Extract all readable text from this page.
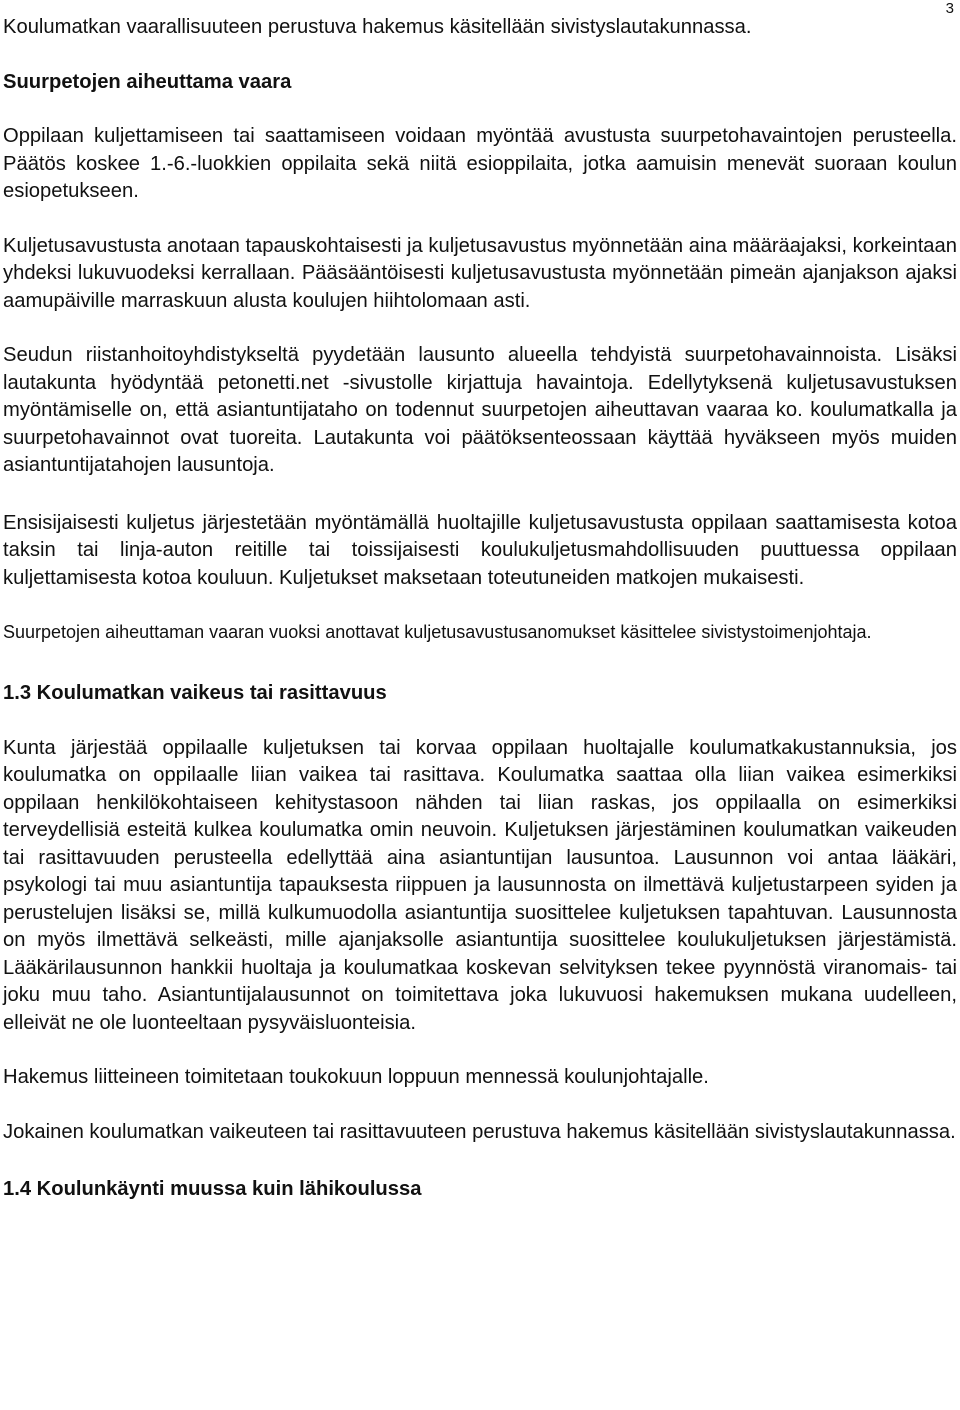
3

Koulumatkan vaarallisuuteen perustuva hakemus käsitellään sivistyslautakunnassa.

Suurpetojen aiheuttama vaara

Oppilaan kuljettamiseen tai saattamiseen voidaan myöntää avustusta suurpetohavaintojen perusteella. Päätös koskee 1.-6.-luokkien oppilaita sekä niitä esioppilaita, jotka aamuisin menevät suoraan koulun esiopetukseen.

Kuljetusavustusta anotaan tapauskohtaisesti ja kuljetusavustus myönnetään aina määräajaksi, korkeintaan yhdeksi lukuvuodeksi kerrallaan. Pääsääntöisesti kuljetusavustusta myönnetään pimeän ajanjakson ajaksi aamupäiville marraskuun alusta koulujen hiihtolomaan asti.

Seudun riistanhoitoyhdistykseltä pyydetään lausunto alueella tehdyistä suurpetohavainnoista. Lisäksi lautakunta hyödyntää petonetti.net -sivustolle kirjattuja havaintoja. Edellytyksenä kuljetusavustuksen myöntämiselle on, että asiantuntijataho on todennut suurpetojen aiheuttavan vaaraa ko. koulumatkalla ja suurpetohavainnot ovat tuoreita. Lautakunta voi päätöksenteossaan käyttää hyväkseen myös muiden asiantuntijatahojen lausuntoja.

Ensisijaisesti kuljetus järjestetään myöntämällä huoltajille kuljetusavustusta oppilaan saattamisesta kotoa taksin tai linja-auton reitille tai toissijaisesti koulukuljetusmahdollisuuden puuttuessa oppilaan kuljettamisesta kotoa kouluun. Kuljetukset maksetaan toteutuneiden matkojen mukaisesti.

Suurpetojen aiheuttaman vaaran vuoksi anottavat kuljetusavustusanomukset käsittelee sivistystoimenjohtaja.

1.3 Koulumatkan vaikeus tai rasittavuus

Kunta järjestää oppilaalle kuljetuksen tai korvaa oppilaan huoltajalle koulumatkakustannuksia, jos koulumatka on oppilaalle liian vaikea tai rasittava. Koulumatka saattaa olla liian vaikea esimerkiksi oppilaan henkilökohtaiseen kehitystasoon nähden tai liian raskas, jos oppilaalla on esimerkiksi terveydellisiä esteitä kulkea koulumatka omin neuvoin. Kuljetuksen järjestäminen koulumatkan vaikeuden tai rasittavuuden perusteella edellyttää aina asiantuntijan lausuntoa. Lausunnon voi antaa lääkäri, psykologi tai muu asiantuntija tapauksesta riippuen ja lausunnosta on ilmettävä kuljetustarpeen syiden ja perustelujen lisäksi se, millä kulkumuodolla asiantuntija suosittelee kuljetuksen tapahtuvan. Lausunnosta on myös ilmettävä selkeästi, mille ajanjaksolle asiantuntija suosittelee koulukuljetuksen järjestämistä. Lääkärilausunnon hankkii huoltaja ja koulumatkaa koskevan selvityksen tekee pyynnöstä viranomais- tai joku muu taho. Asiantuntijalausunnot on toimitettava joka lukuvuosi hakemuksen mukana uudelleen, elleivät ne ole luonteeltaan pysyväisluonteisia.

Hakemus liitteineen toimitetaan toukokuun loppuun mennessä koulunjohtajalle.

Jokainen koulumatkan vaikeuteen tai rasittavuuteen perustuva hakemus käsitellään sivistyslautakunnassa.

1.4 Koulunkäynti muussa kuin lähikoulussa
